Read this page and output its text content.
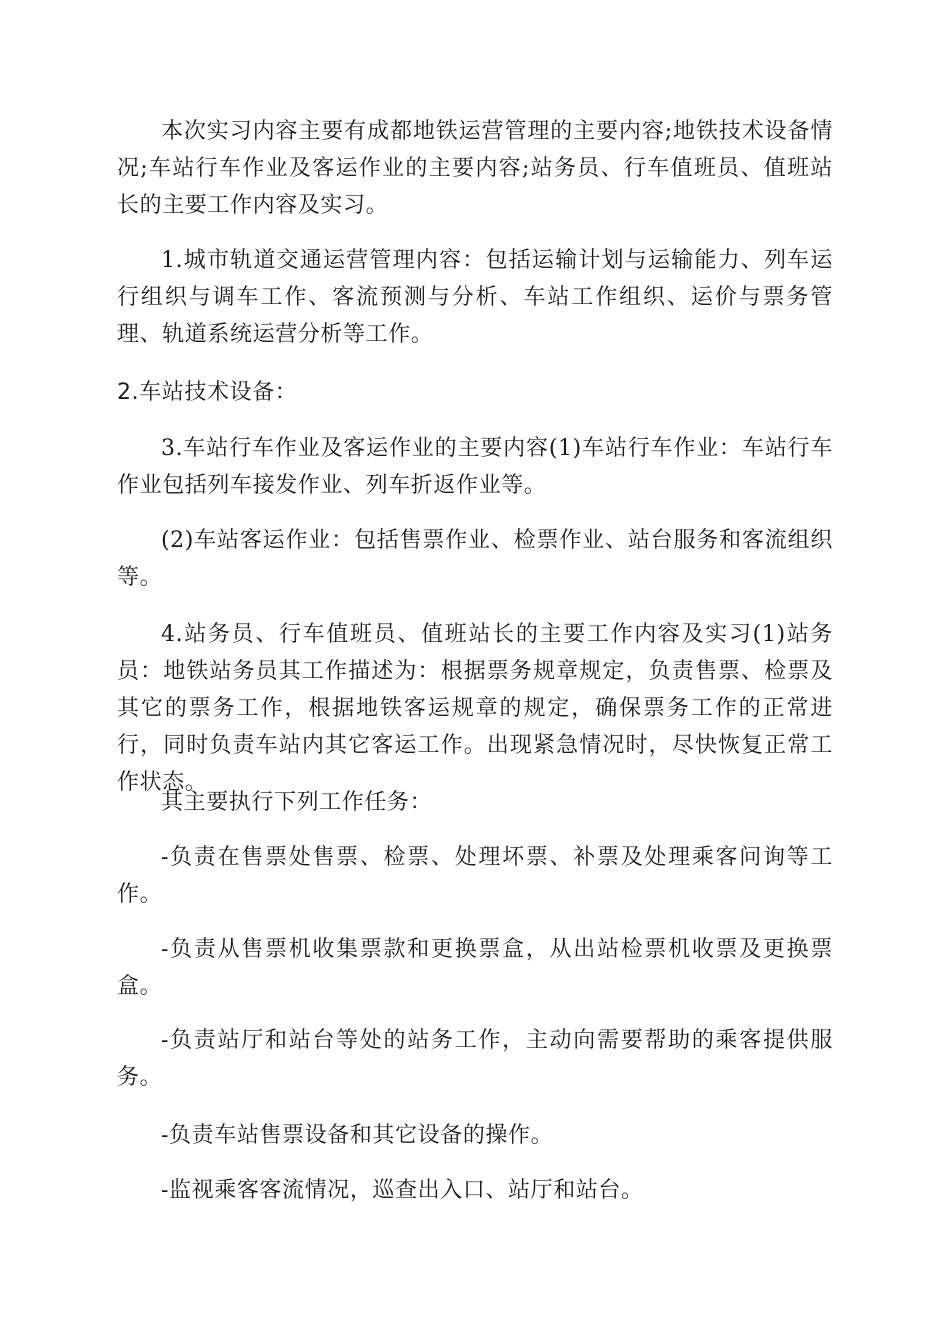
本次实习内容主要有成都地铁运营管理的主要内容;地铁技术设备情况;车站行车作业及客运作业的主要内容;站务员、行车值班员、值班站长的主要工作内容及实习。

1.城市轨道交通运营管理内容：包括运输计划与运输能力、列车运行组织与调车工作、客流预测与分析、车站工作组织、运价与票务管理、轨道系统运营分析等工作。

2.车站技术设备：

3.车站行车作业及客运作业的主要内容(1)车站行车作业：车站行车作业包括列车接发作业、列车折返作业等。

(2)车站客运作业：包括售票作业、检票作业、站台服务和客流组织等。

4.站务员、行车值班员、值班站长的主要工作内容及实习(1)站务员：地铁站务员其工作描述为：根据票务规章规定，负责售票、检票及其它的票务工作，根据地铁客运规章的规定，确保票务工作的正常进行，同时负责车站内其它客运工作。出现紧急情况时，尽快恢复正常工作状态。

其主要执行下列工作任务：

-负责在售票处售票、检票、处理坏票、补票及处理乘客问询等工作。

-负责从售票机收集票款和更换票盒，从出站检票机收票及更换票盒。

-负责站厅和站台等处的站务工作，主动向需要帮助的乘客提供服务。

-负责车站售票设备和其它设备的操作。

-监视乘客客流情况，巡查出入口、站厅和站台。
